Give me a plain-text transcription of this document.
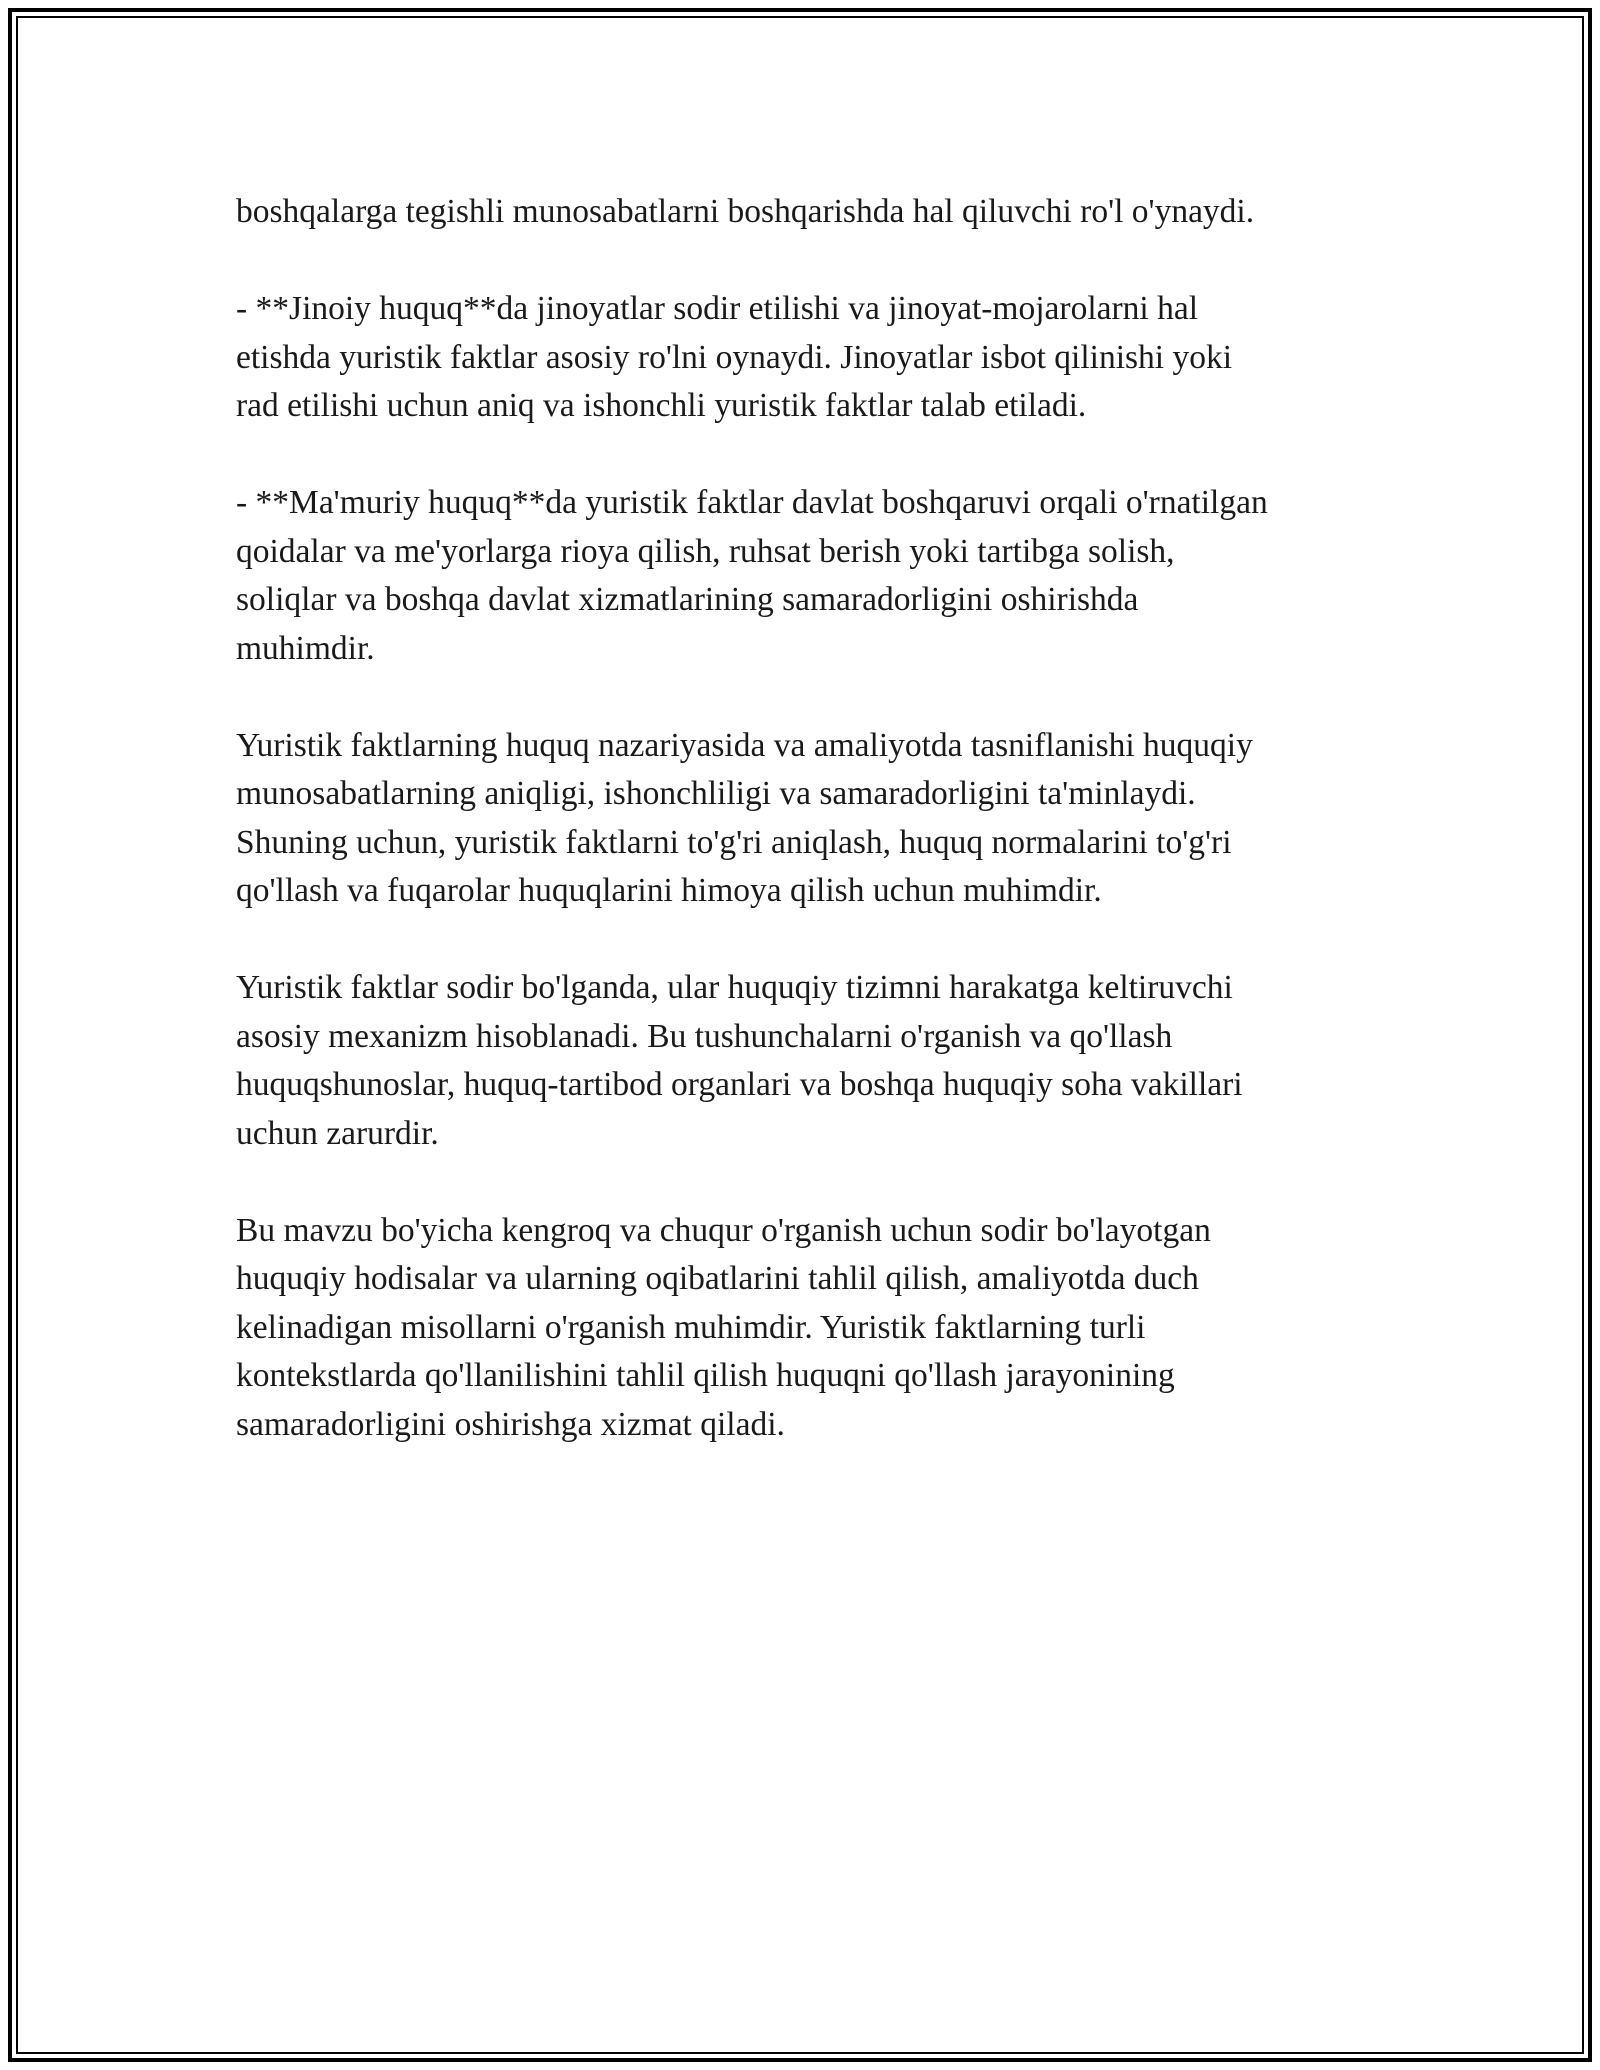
boshqalarga tegishli munosabatlarni boshqarishda hal qiluvchi ro'l o'ynaydi.

- **Jinoiy huquq**da jinoyatlar sodir etilishi va jinoyat-mojarolarni hal
etishda yuristik faktlar asosiy ro'lni oynaydi. Jinoyatlar isbot qilinishi yoki
rad etilishi uchun aniq va ishonchli yuristik faktlar talab etiladi.

- **Ma'muriy huquq**da yuristik faktlar davlat boshqaruvi orqali o'rnatilgan
qoidalar va me'yorlarga rioya qilish, ruhsat berish yoki tartibga solish,
soliqlar va boshqa davlat xizmatlarining samaradorligini oshirishda
muhimdir.

Yuristik faktlarning huquq nazariyasida va amaliyotda tasniflanishi huquqiy
munosabatlarning aniqligi, ishonchliligi va samaradorligini ta'minlaydi.
Shuning uchun, yuristik faktlarni to'g'ri aniqlash, huquq normalarini to'g'ri
qo'llash va fuqarolar huquqlarini himoya qilish uchun muhimdir.

Yuristik faktlar sodir bo'lganda, ular huquqiy tizimni harakatga keltiruvchi
asosiy mexanizm hisoblanadi. Bu tushunchalarni o'rganish va qo'llash
huquqshunoslar, huquq-tartibod organlari va boshqa huquqiy soha vakillari
uchun zarurdir.

Bu mavzu bo'yicha kengroq va chuqur o'rganish uchun sodir bo'layotgan
huquqiy hodisalar va ularning oqibatlarini tahlil qilish, amaliyotda duch
kelinadigan misollarni o'rganish muhimdir. Yuristik faktlarning turli
kontekstlarda qo'llanilishini tahlil qilish huquqni qo'llash jarayonining
samaradorligini oshirishga xizmat qiladi.
